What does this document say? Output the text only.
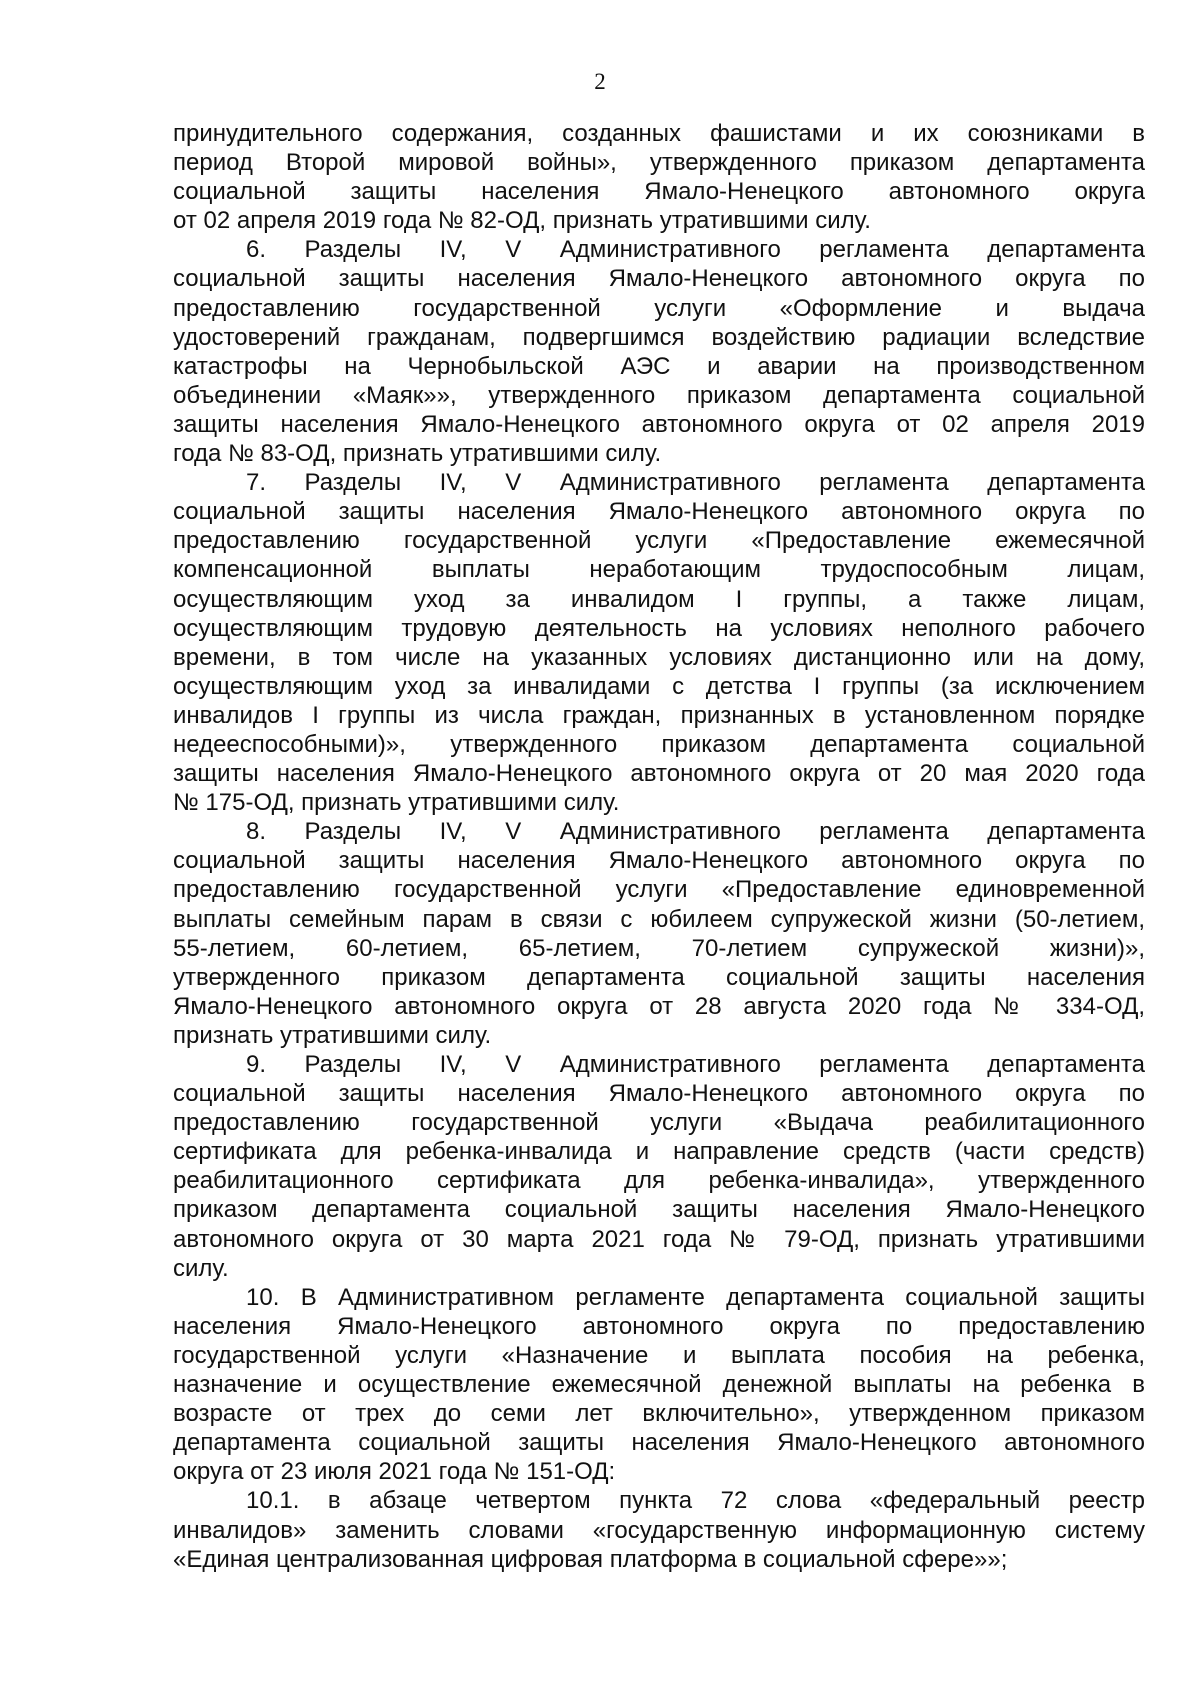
2
принудительного содержания, созданных фашистами и их союзниками в
период Второй мировой войны», утвержденного приказом департамента
социальной защиты населения Ямало-Ненецкого автономного округа
от 02 апреля 2019 года № 82-ОД, признать утратившими силу.
6. Разделы IV, V Административного регламента департамента
социальной защиты населения Ямало-Ненецкого автономного округа по
предоставлению государственной услуги «Оформление и выдача
удостоверений гражданам, подвергшимся воздействию радиации вследствие
катастрофы на Чернобыльской АЭС и аварии на производственном
объединении «Маяк»», утвержденного приказом департамента социальной
защиты населения Ямало-Ненецкого автономного округа от 02 апреля 2019
года № 83-ОД, признать утратившими силу.
7. Разделы IV, V Административного регламента департамента
социальной защиты населения Ямало-Ненецкого автономного округа по
предоставлению государственной услуги «Предоставление ежемесячной
компенсационной выплаты неработающим трудоспособным лицам,
осуществляющим уход за инвалидом I группы, а также лицам,
осуществляющим трудовую деятельность на условиях неполного рабочего
времени, в том числе на указанных условиях дистанционно или на дому,
осуществляющим уход за инвалидами с детства I группы (за исключением
инвалидов I группы из числа граждан, признанных в установленном порядке
недееспособными)», утвержденного приказом департамента социальной
защиты населения Ямало-Ненецкого автономного округа от 20 мая 2020 года
№ 175-ОД, признать утратившими силу.
8. Разделы IV, V Административного регламента департамента
социальной защиты населения Ямало-Ненецкого автономного округа по
предоставлению государственной услуги «Предоставление единовременной
выплаты семейным парам в связи с юбилеем супружеской жизни (50-летием,
55-летием, 60-летием, 65-летием, 70-летием супружеской жизни)»,
утвержденного приказом департамента социальной защиты населения
Ямало-Ненецкого автономного округа от 28 августа 2020 года № 334-ОД,
признать утратившими силу.
9. Разделы IV, V Административного регламента департамента
социальной защиты населения Ямало-Ненецкого автономного округа по
предоставлению государственной услуги «Выдача реабилитационного
сертификата для ребенка-инвалида и направление средств (части средств)
реабилитационного сертификата для ребенка-инвалида», утвержденного
приказом департамента социальной защиты населения Ямало-Ненецкого
автономного округа от 30 марта 2021 года № 79-ОД, признать утратившими
силу.
10. В Административном регламенте департамента социальной защиты
населения Ямало-Ненецкого автономного округа по предоставлению
государственной услуги «Назначение и выплата пособия на ребенка,
назначение и осуществление ежемесячной денежной выплаты на ребенка в
возрасте от трех до семи лет включительно», утвержденном приказом
департамента социальной защиты населения Ямало-Ненецкого автономного
округа от 23 июля 2021 года № 151-ОД:
10.1. в абзаце четвертом пункта 72 слова «федеральный реестр
инвалидов» заменить словами «государственную информационную систему
«Единая централизованная цифровая платформа в социальной сфере»»;
